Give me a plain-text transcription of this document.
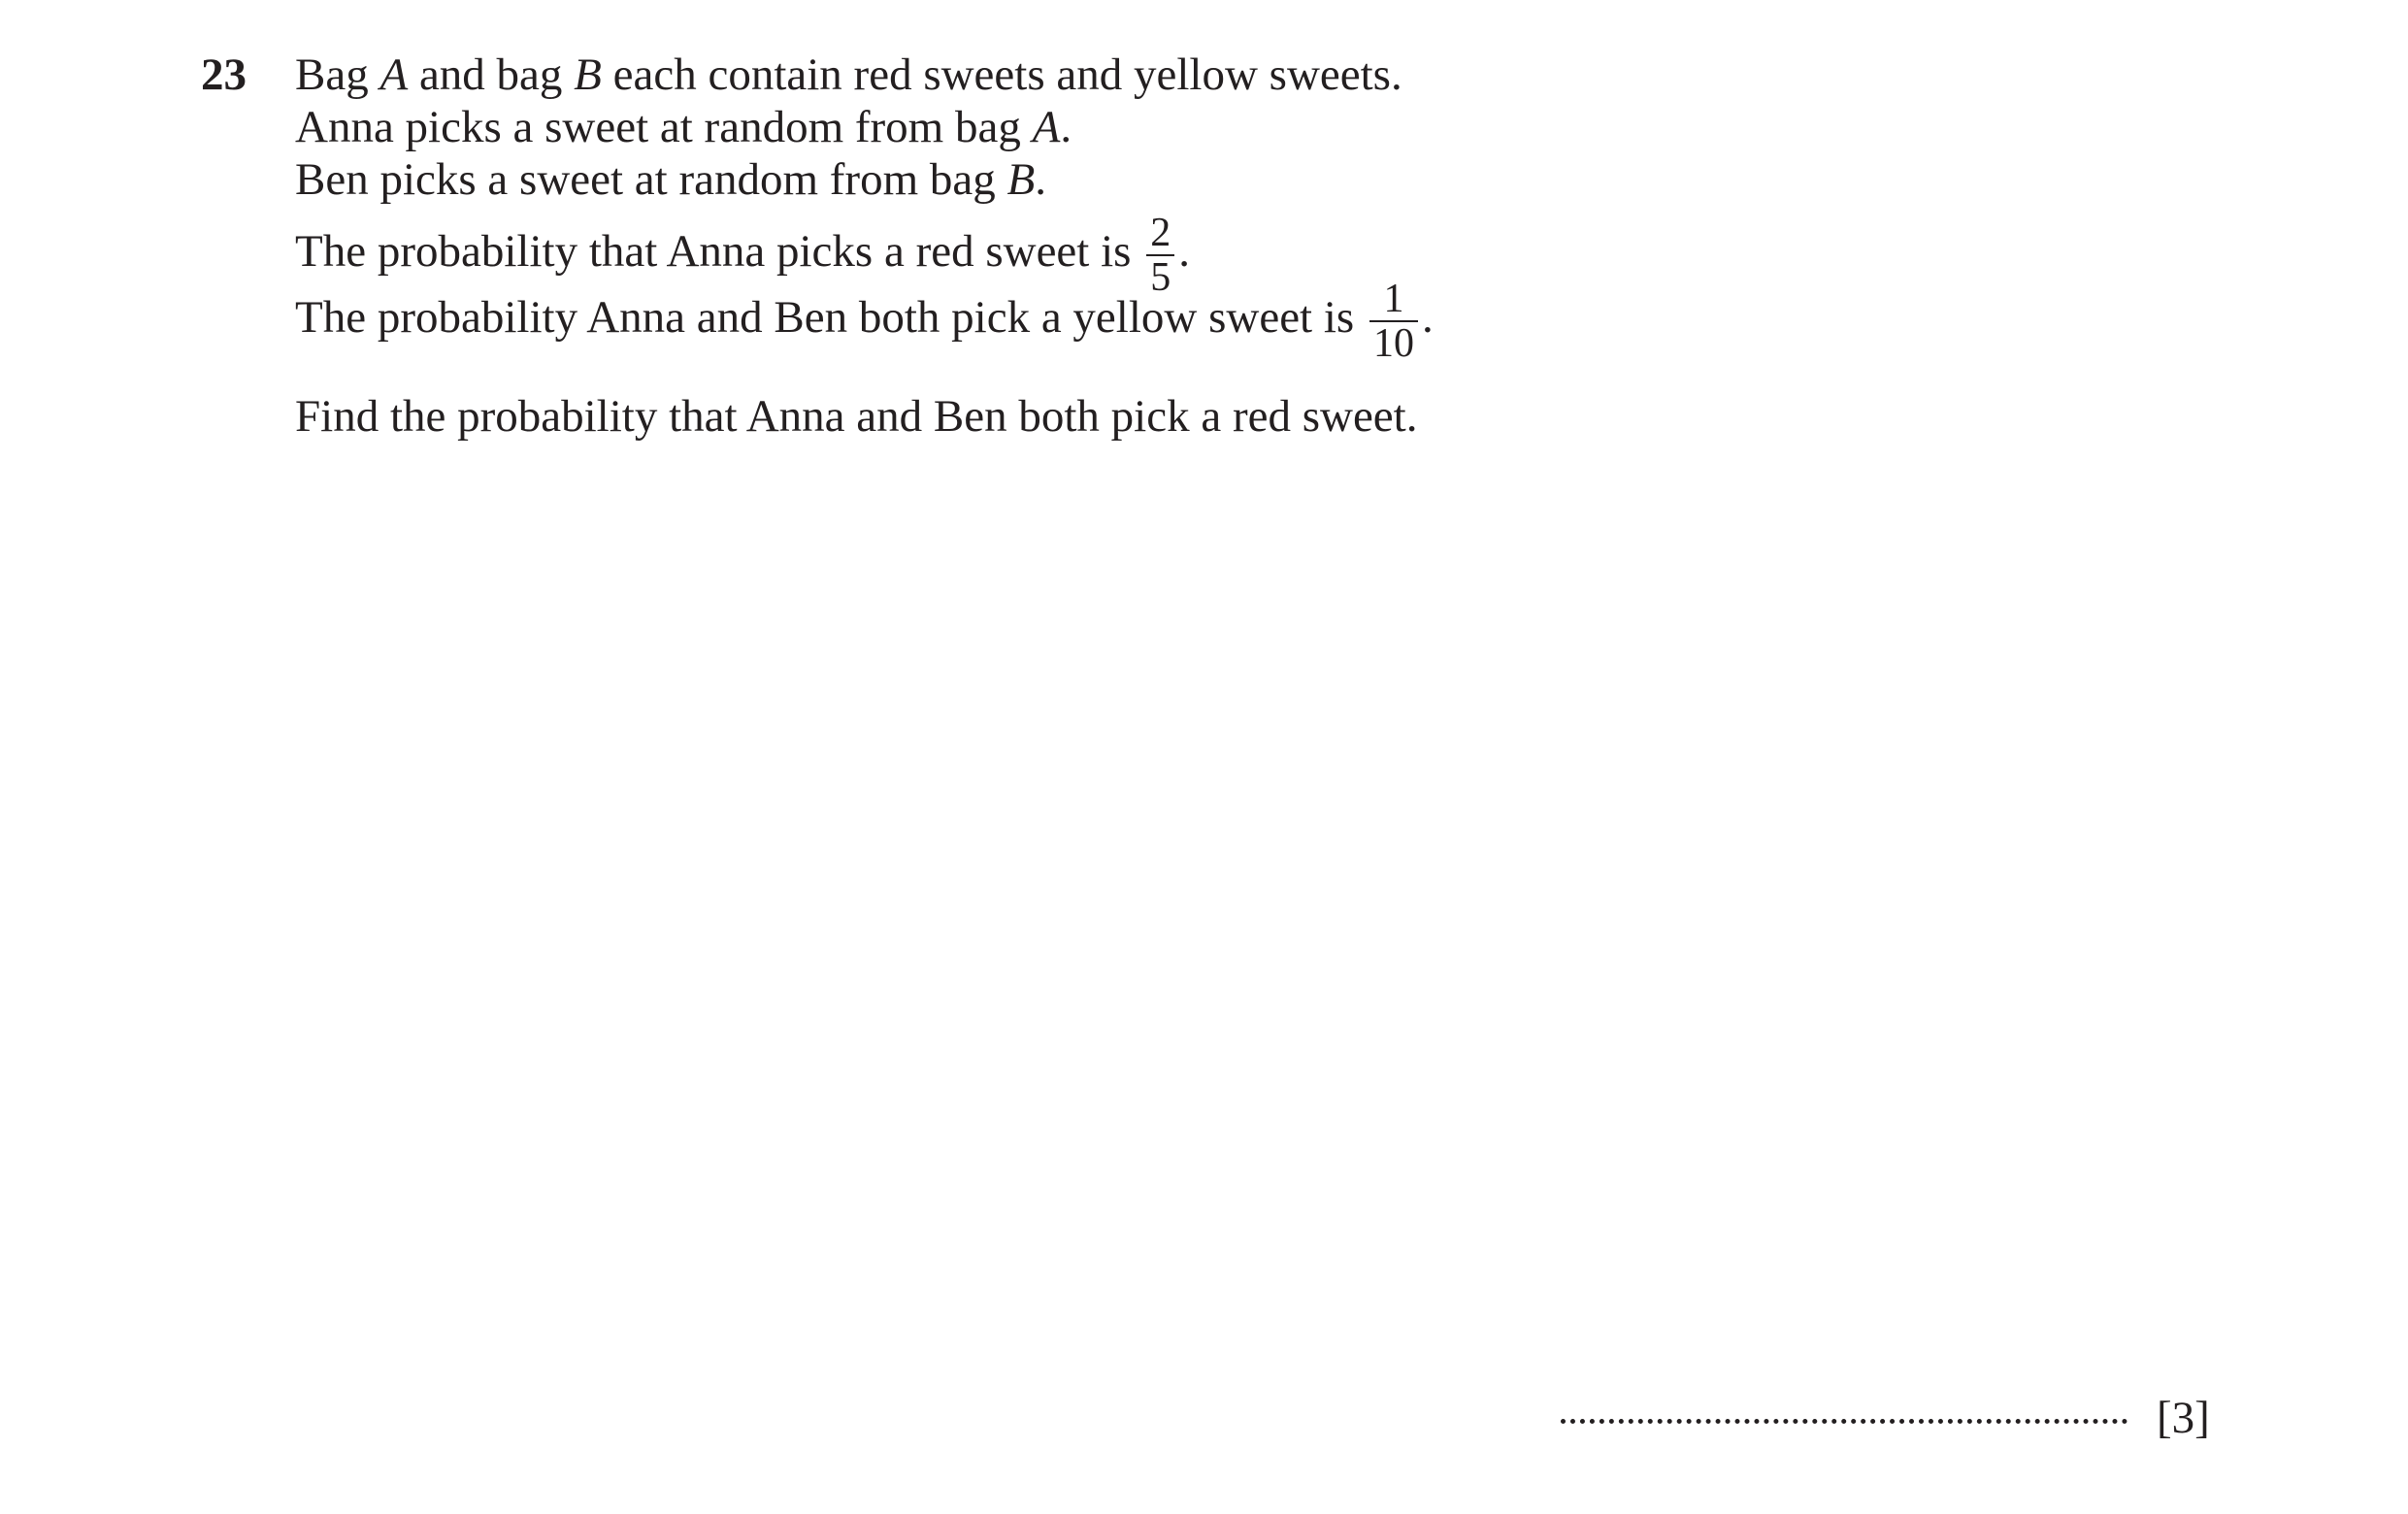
23 Bag A and bag B each contain red sweets and yellow sweets.
Anna picks a sweet at random from bag A.
Ben picks a sweet at random from bag B.
The probability that Anna picks a red sweet is $\frac{2}{5}$ .
The probability Anna and Ben both pick a yellow sweet is $\frac{1}{10}$ .
Find the probability that Anna and Ben both pick a red sweet.
[3]
